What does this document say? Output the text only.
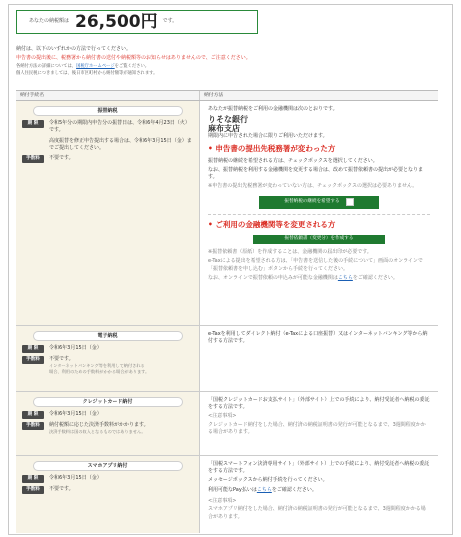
あなたの納税額は 26,500円 です。

納付は、以下のいずれかの方法で行ってください。

申告書の提出後に、税務署から納付書の送付や納税額等のお知らせはありませんので、ご注意ください。

各納付方法の詳細については、国税庁ホームページをご覧ください。

個人住民税につきましては、後日市区町村から納付額等が通知されます。

納付手続名	納付方法
振替納税
期 限	令和5年分の期限内申告分の振替日は、令和6年4月23日（火）です。
高度振替を修正申告提出する場合は、令和6年3月15日（金）までご提出してください。
手数料	不要です。

あなたが振替納税をご利用の金融機関は次のとおりです。

りそな銀行
麻布支店

期限内に申告された場合に限りご利用いただけます。

• 申告書の提出先税務署が変わった方

振替納税の継続を希望される方は、チェックボックスを選択してください。

なお、振替納税を利用する金融機関を変更する場合は、改めて振替依頼書の提出が必要となります。

※申告書の提出先税務署が変わっていない方は、チェックボックスの選択は必要ありません。

振替納税の継続を希望する
• ご利用の金融機関等を変更される方
振替依頼書（変更分）を作成する

※振替依頼書（原紙）を作成することは、金融機関の届出印が必要です。

e-Taxによる提出を希望される方は、「申告書を送信した後の手続について」画面のオンラインで

「振替依頼書を申し込む」ボタンから手続を行ってください。

なお、オンラインで振替依頼の申込みが可能な金融機関はこちらをご確認ください。

電子納税
期 限	令和6年3月15日（金）
手数料	不要です。
インターネットバンキング等を利用して納付される
場合、利用のための手数料がかかる場合があります。

e-Taxを利用してダイレクト納付（e-Taxによる口座振替）又はインターネットバンキング等から納付する方法です。

クレジットカード納付
期 限	令和6年3月15日（金）
手数料	納付税額に応じた決済手数料がかかります。
決済手数料は国の収入となるものではありません。

「国税クレジットカードお支払サイト」（外部サイト）上での手続により、納付受託者へ納税の委託をする方法です。

<注意事項>

クレジットカード納付をした場合、納付済の納税証明書の発行が可能となるまで、3週間程度かかる場合があります。

スマホアプリ納付
期 限	令和6年3月15日（金）
手数料	不要です。

「国税スマートフォン決済専用サイト」（外部サイト）上での手続により、納付受託者へ納税の委託をする方法です。

メッセージボックスから納付手続を行ってください。

利用可能なPay払いはこちらをご確認ください。

<注意事項>

スマホアプリ納付をした場合、納付済の納税証明書の発行が可能となるまで、3週間程度かかる場合があります。
